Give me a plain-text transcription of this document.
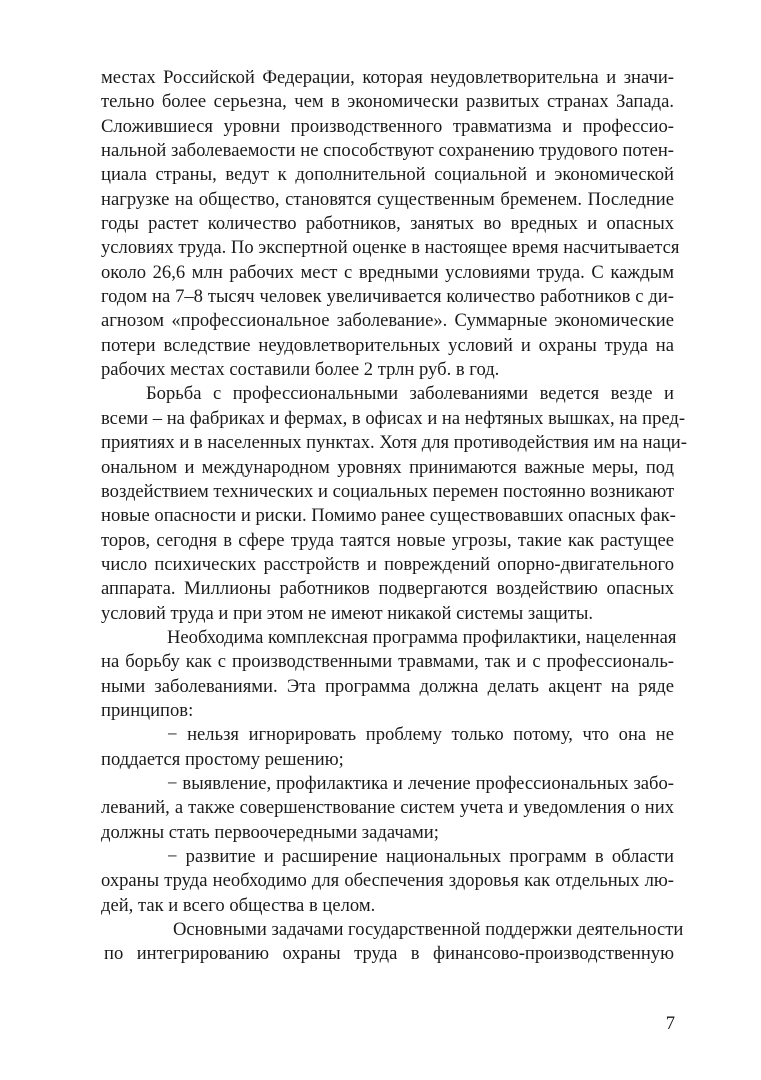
местах Российской Федерации, которая неудовлетворительна и значи-
тельно более серьезна, чем в экономически развитых странах Запада.
Сложившиеся уровни производственного травматизма и профессио-
нальной заболеваемости не способствуют сохранению трудового потен-
циала страны, ведут к дополнительной социальной и экономической
нагрузке на общество, становятся существенным бременем. Последние
годы растет количество работников, занятых во вредных и опасных
условиях труда. По экспертной оценке в настоящее время насчитывается
около 26,6 млн рабочих мест с вредными условиями труда. С каждым
годом на 7–8 тысяч человек увеличивается количество работников с ди-
агнозом «профессиональное заболевание». Суммарные экономические
потери вследствие неудовлетворительных условий и охраны труда на
рабочих местах составили более 2 трлн руб. в год.
Борьба с профессиональными заболеваниями ведется везде и
всеми – на фабриках и фермах, в офисах и на нефтяных вышках, на пред-
приятиях и в населенных пунктах. Хотя для противодействия им на наци-
ональном и международном уровнях принимаются важные меры, под
воздействием технических и социальных перемен постоянно возникают
новые опасности и риски. Помимо ранее существовавших опасных фак-
торов, сегодня в сфере труда таятся новые угрозы, такие как растущее
число психических расстройств и повреждений опорно-двигательного
аппарата. Миллионы работников подвергаются воздействию опасных
условий труда и при этом не имеют никакой системы защиты.
Необходима комплексная программа профилактики, нацеленная
на борьбу как с производственными травмами, так и с профессиональ-
ными заболеваниями. Эта программа должна делать акцент на ряде
принципов:
− нельзя игнорировать проблему только потому, что она не
поддается простому решению;
− выявление, профилактика и лечение профессиональных забо-
леваний, а также совершенствование систем учета и уведомления о них
должны стать первоочередными задачами;
− развитие и расширение национальных программ в области
охраны труда необходимо для обеспечения здоровья как отдельных лю-
дей, так и всего общества в целом.
Основными задачами государственной поддержки деятельности
по интегрированию охраны труда в финансово-производственную
7
